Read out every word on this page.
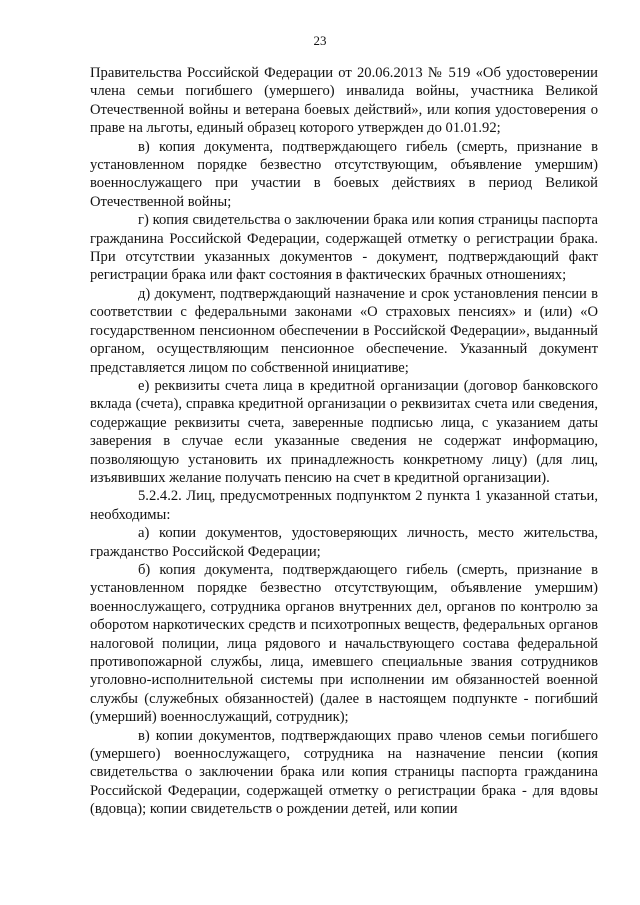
23

Правительства Российской Федерации от 20.06.2013 № 519 «Об удостоверении члена семьи погибшего (умершего) инвалида войны, участника Великой Отечественной войны и ветерана боевых действий», или копия удостоверения о праве на льготы, единый образец которого утвержден до 01.01.92;

в) копия документа, подтверждающего гибель (смерть, признание в установленном порядке безвестно отсутствующим, объявление умершим) военнослужащего при участии в боевых действиях в период Великой Отечественной войны;

г) копия свидетельства о заключении брака или копия страницы паспорта гражданина Российской Федерации, содержащей отметку о регистрации брака. При отсутствии указанных документов - документ, подтверждающий факт регистрации брака или факт состояния в фактических брачных отношениях;

д) документ, подтверждающий назначение и срок установления пенсии в соответствии с федеральными законами «О страховых пенсиях» и (или) «О государственном пенсионном обеспечении в Российской Федерации», выданный органом, осуществляющим пенсионное обеспечение. Указанный документ представляется лицом по собственной инициативе;

е) реквизиты счета лица в кредитной организации (договор банковского вклада (счета), справка кредитной организации о реквизитах счета или сведения, содержащие реквизиты счета, заверенные подписью лица, с указанием даты заверения в случае если указанные сведения не содержат информацию, позволяющую установить их принадлежность конкретному лицу) (для лиц, изъявивших желание получать пенсию на счет в кредитной организации).

5.2.4.2. Лиц, предусмотренных подпунктом 2 пункта 1 указанной статьи, необходимы:

а) копии документов, удостоверяющих личность, место жительства, гражданство Российской Федерации;

б) копия документа, подтверждающего гибель (смерть, признание в установленном порядке безвестно отсутствующим, объявление умершим) военнослужащего, сотрудника органов внутренних дел, органов по контролю за оборотом наркотических средств и психотропных веществ, федеральных органов налоговой полиции, лица рядового и начальствующего состава федеральной противопожарной службы, лица, имевшего специальные звания сотрудников уголовно-исполнительной системы при исполнении им обязанностей военной службы (служебных обязанностей) (далее в настоящем подпункте - погибший (умерший) военнослужащий, сотрудник);

в) копии документов, подтверждающих право членов семьи погибшего (умершего) военнослужащего, сотрудника на назначение пенсии (копия свидетельства о заключении брака или копия страницы паспорта гражданина Российской Федерации, содержащей отметку о регистрации брака - для вдовы (вдовца); копии свидетельств о рождении детей, или копии
